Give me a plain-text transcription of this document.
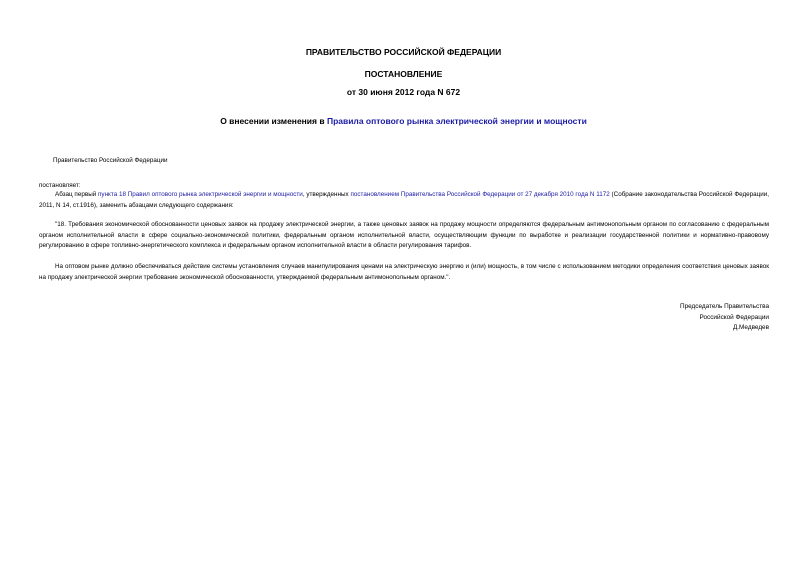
ПРАВИТЕЛЬСТВО РОССИЙСКОЙ ФЕДЕРАЦИИ
ПОСТАНОВЛЕНИЕ
от 30 июня 2012 года N 672
О внесении изменения в Правила оптового рынка электрической энергии и мощности
Правительство Российской Федерации
постановляет:
Абзац первый пункта 18 Правил оптового рынка электрической энергии и мощности, утвержденных постановлением Правительства Российской Федерации от 27 декабря 2010 года N 1172 (Собрание законодательства Российской Федерации, 2011, N 14, ст.1916), заменить абзацами следующего содержания:
"18. Требования экономической обоснованности ценовых заявок на продажу электрической энергии, а также ценовых заявок на продажу мощности определяются федеральным антимонопольным органом по согласованию с федеральным органом исполнительной власти в сфере социально-экономической политики, федеральным органом исполнительной власти, осуществляющим функции по выработке и реализации государственной политики и нормативно-правовому регулированию в сфере топливно-энергетического комплекса и федеральным органом исполнительной власти в области регулирования тарифов.
На оптовом рынке должно обеспечиваться действие системы установления случаев манипулирования ценами на электрическую энергию и (или) мощность, в том числе с использованием методики определения соответствия ценовых заявок на продажу электрической энергии требование экономической обоснованности, утверждаемой федеральным антимонопольным органом.".
Председатель Правительства
Российской Федерации
Д.Медведев
